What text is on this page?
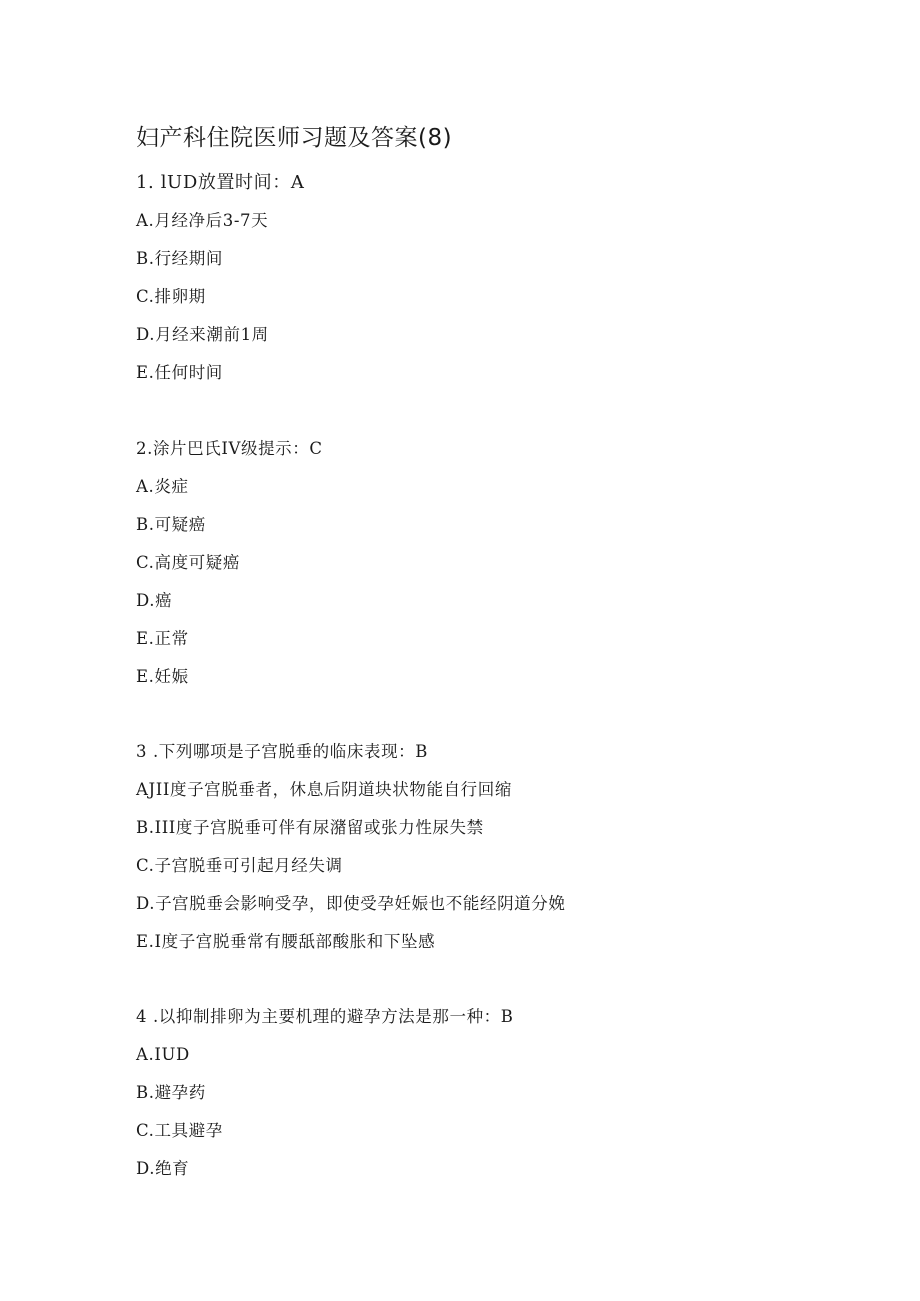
妇产科住院医师习题及答案(8)

1. lUD放置时间：A

A.月经净后3-7天

B.行经期间

C.排卵期

D.月经来潮前1周

E.任何时间

2.涂片巴氏IV级提示：C

A.炎症

B.可疑癌

C.高度可疑癌

D.癌

E.正常

E.妊娠

3 .下列哪项是子宫脱垂的临床表现：B

AJII度子宫脱垂者，休息后阴道块状物能自行回缩

B.III度子宫脱垂可伴有尿潴留或张力性尿失禁

C.子宫脱垂可引起月经失调

D.子宫脱垂会影响受孕，即使受孕妊娠也不能经阴道分娩

E.I度子宫脱垂常有腰舐部酸胀和下坠感

4 .以抑制排卵为主要机理的避孕方法是那一种：B

A.IUD

B.避孕药

C.工具避孕

D.绝育
